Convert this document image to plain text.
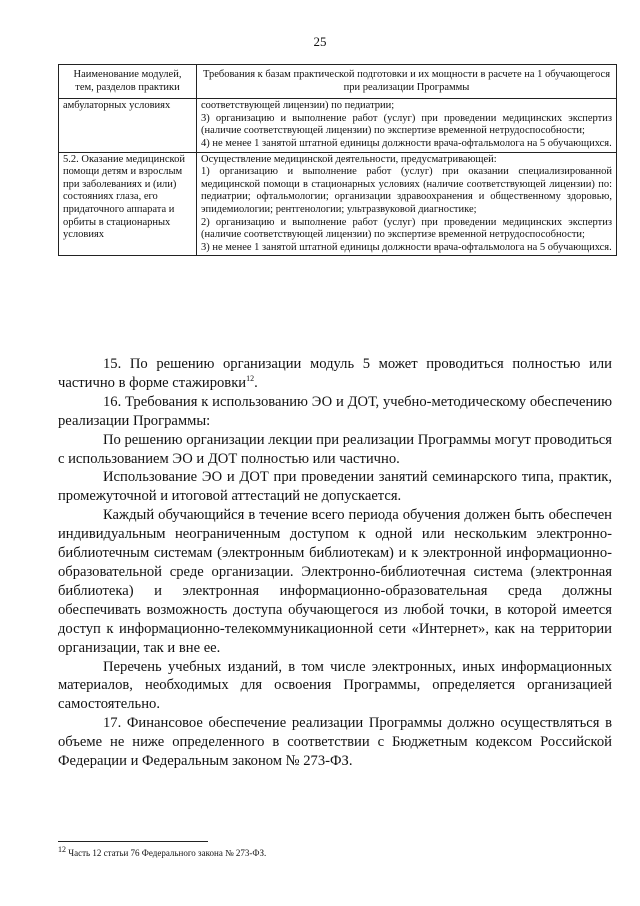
25
Наименование модулей, тем, разделов практики	Требования к базам практической подготовки и их мощности в расчете на 1 обучающегося при реализации Программы
амбулаторных условиях	соответствующей лицензии) по педиатрии;
3) организацию и выполнение работ (услуг) при проведении медицинских экспертиз (наличие соответствующей лицензии) по экспертизе временной нетрудоспособности;
4) не менее 1 занятой штатной единицы должности врача-офтальмолога на 5 обучающихся.

5.2. Оказание медицинской помощи детям и взрослым при заболеваниях и (или) состояниях глаза, его придаточного аппарата и орбиты в стационарных условиях	Осуществление медицинской деятельности, предусматривающей:
1) организацию и выполнение работ (услуг) при оказании специализированной медицинской помощи в стационарных условиях (наличие соответствующей лицензии) по: педиатрии; офтальмологии; организации здравоохранения и общественному здоровью, эпидемиологии; рентгенологии; ультразвуковой диагностике;
2) организацию и выполнение работ (услуг) при проведении медицинских экспертиз (наличие соответствующей лицензии) по экспертизе временной нетрудоспособности;
3) не менее 1 занятой штатной единицы должности врача-офтальмолога на 5 обучающихся.

15. По решению организации модуль 5 может проводиться полностью или частично в форме стажировки$^{12}$.

16. Требования к использованию ЭО и ДОТ, учебно-методическому обеспечению реализации Программы:

По решению организации лекции при реализации Программы могут проводиться с использованием ЭО и ДОТ полностью или частично.

Использование ЭО и ДОТ при проведении занятий семинарского типа, практик, промежуточной и итоговой аттестаций не допускается.

Каждый обучающийся в течение всего периода обучения должен быть обеспечен индивидуальным неограниченным доступом к одной или нескольким электронно-библиотечным системам (электронным библиотекам) и к электронной информационно-образовательной среде организации. Электронно-библиотечная система (электронная библиотека) и электронная информационно-образовательная среда должны обеспечивать возможность доступа обучающегося из любой точки, в которой имеется доступ к информационно-телекоммуникационной сети «Интернет», как на территории организации, так и вне ее.

Перечень учебных изданий, в том числе электронных, иных информационных материалов, необходимых для освоения Программы, определяется организацией самостоятельно.

17. Финансовое обеспечение реализации Программы должно осуществляться в объеме не ниже определенного в соответствии с Бюджетным кодексом Российской Федерации и Федеральным законом № 273-ФЗ.

$^{12}$ Часть 12 статьи 76 Федерального закона № 273-ФЗ.
